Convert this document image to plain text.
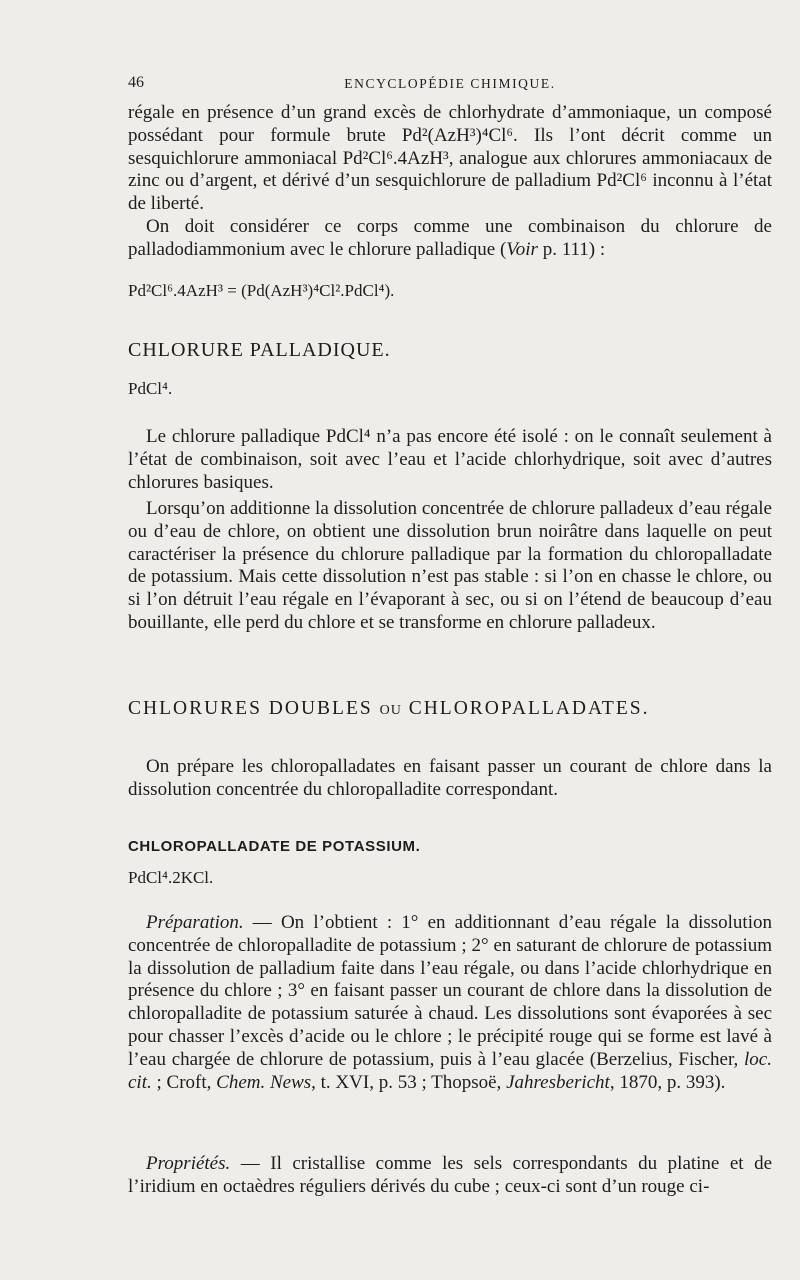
46	ENCYCLOPÉDIE CHIMIQUE.

régale en présence d’un grand excès de chlorhydrate d’ammoniaque, un composé possédant pour formule brute Pd²(AzH³)⁴Cl⁶. Ils l’ont décrit comme un sesquichlorure ammoniacal Pd²Cl⁶.4AzH³, analogue aux chlorures ammoniacaux de zinc ou d’argent, et dérivé d’un sesquichlorure de palladium Pd²Cl⁶ inconnu à l’état de liberté.

On doit considérer ce corps comme une combinaison du chlorure de palladodiammonium avec le chlorure palladique (Voir p. 111) :

Pd²Cl⁶.4AzH³ = (Pd(AzH³)⁴Cl².PdCl⁴).

CHLORURE PALLADIQUE.

PdCl⁴.

Le chlorure palladique PdCl⁴ n’a pas encore été isolé : on le connaît seulement à l’état de combinaison, soit avec l’eau et l’acide chlorhydrique, soit avec d’autres chlorures basiques.

Lorsqu’on additionne la dissolution concentrée de chlorure palladeux d’eau régale ou d’eau de chlore, on obtient une dissolution brun noirâtre dans laquelle on peut caractériser la présence du chlorure palladique par la formation du chloropalladate de potassium. Mais cette dissolution n’est pas stable : si l’on en chasse le chlore, ou si l’on détruit l’eau régale en l’évaporant à sec, ou si on l’étend de beaucoup d’eau bouillante, elle perd du chlore et se transforme en chlorure palladeux.

CHLORURES DOUBLES OU CHLOROPALLADATES.

On prépare les chloropalladates en faisant passer un courant de chlore dans la dissolution concentrée du chloropalladite correspondant.

CHLOROPALLADATE DE POTASSIUM.

PdCl⁴.2KCl.

Préparation. — On l’obtient : 1° en additionnant d’eau régale la dissolution concentrée de chloropalladite de potassium ; 2° en saturant de chlorure de potassium la dissolution de palladium faite dans l’eau régale, ou dans l’acide chlorhydrique en présence du chlore ; 3° en faisant passer un courant de chlore dans la dissolution de chloropalladite de potassium saturée à chaud. Les dissolutions sont évaporées à sec pour chasser l’excès d’acide ou le chlore ; le précipité rouge qui se forme est lavé à l’eau chargée de chlorure de potassium, puis à l’eau glacée (Berzelius, Fischer, loc. cit. ; Croft, Chem. News, t. XVI, p. 53 ; Thopsoë, Jahresbericht, 1870, p. 393).

Propriétés. — Il cristallise comme les sels correspondants du platine et de l’iridium en octaèdres réguliers dérivés du cube ; ceux-ci sont d’un rouge ci-
